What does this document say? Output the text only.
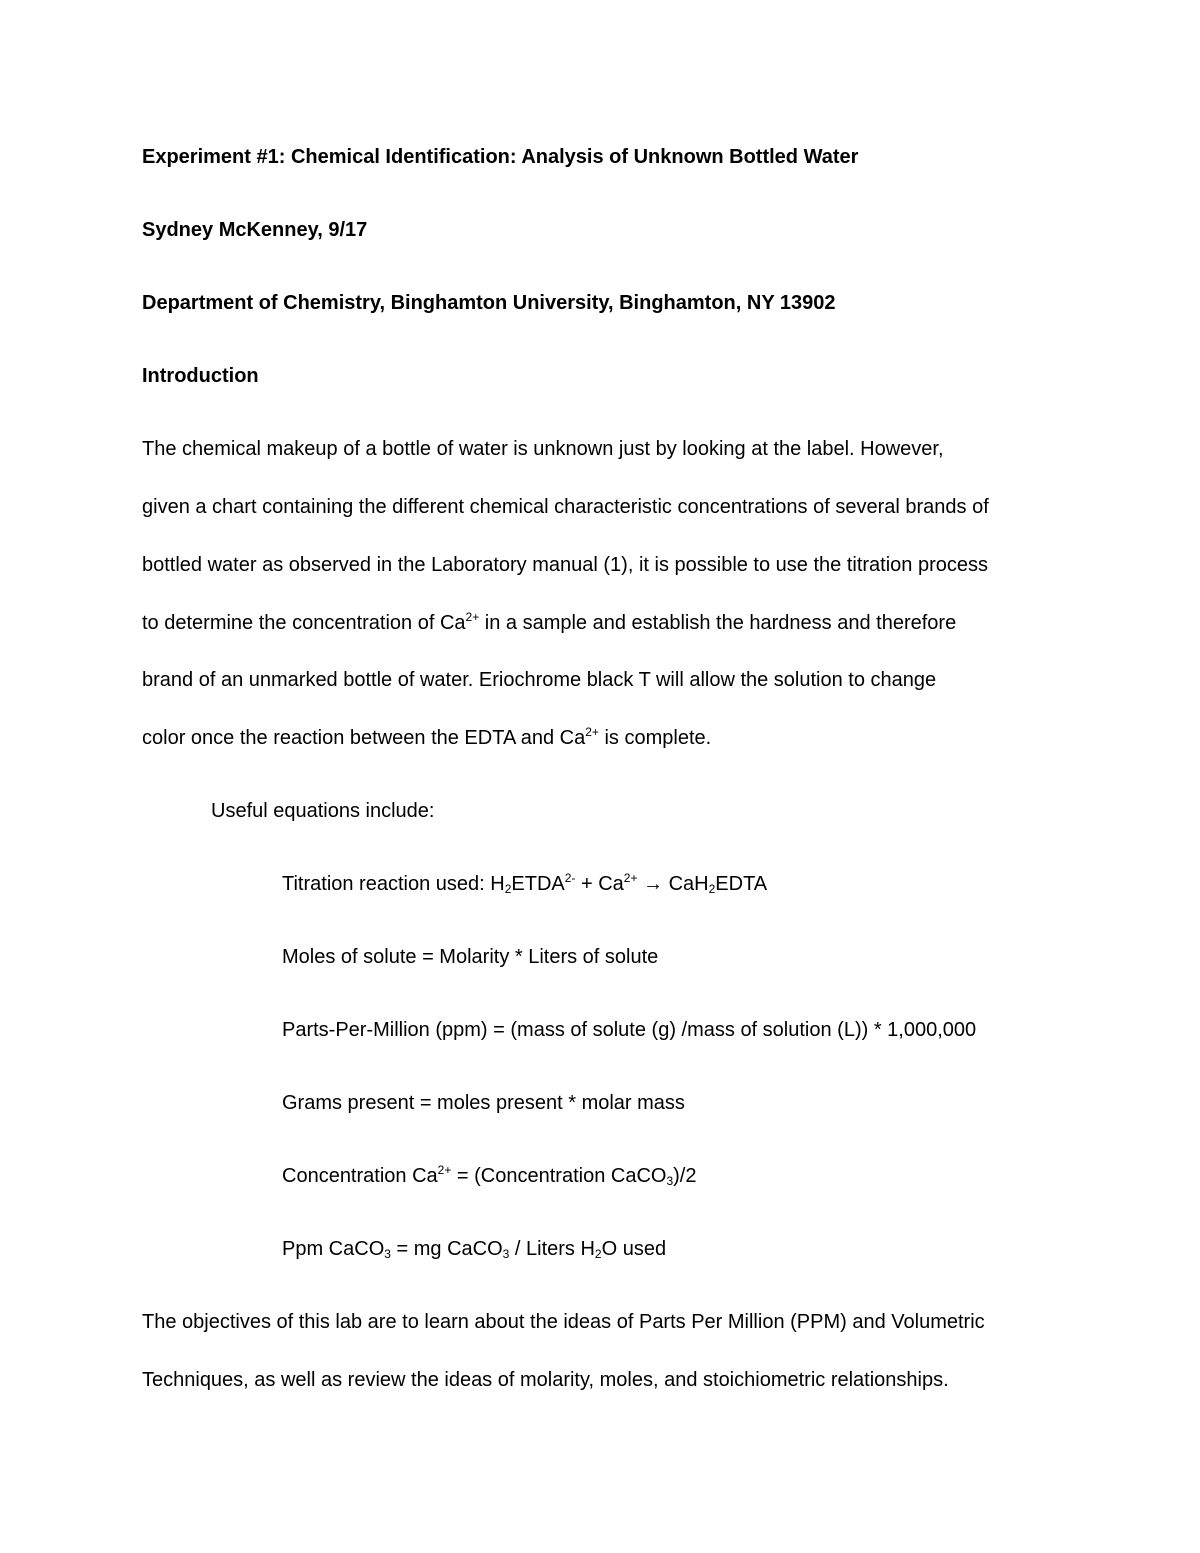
Experiment #1: Chemical Identification: Analysis of Unknown Bottled Water
Sydney McKenney, 9/17
Department of Chemistry, Binghamton University, Binghamton, NY 13902
Introduction
The chemical makeup of a bottle of water is unknown just by looking at the label. However,
given a chart containing the different chemical characteristic concentrations of several brands of
bottled water as observed in the Laboratory manual (1), it is possible to use the titration process
to determine the concentration of $Ca^{2+}$ in a sample and establish the hardness and therefore
brand of an unmarked bottle of water. Eriochrome black T will allow the solution to change
color once the reaction between the EDTA and $Ca^{2+}$ is complete.
Useful equations include:
Titration reaction used: $H_2ETDA^{2-} + Ca^{2+}$ → CaH$_2$EDTA
Moles of solute = Molarity * Liters of solute
Parts-Per-Million (ppm) = (mass of solute (g) /mass of solution (L)) * 1,000,000
Grams present = moles present * molar mass
Concentration $Ca^{2+}$ = (Concentration CaCO$_3$)/2
Ppm CaCO$_3$ = mg CaCO$_3$ / Liters $H_2O$ used
The objectives of this lab are to learn about the ideas of Parts Per Million (PPM) and Volumetric
Techniques, as well as review the ideas of molarity, moles, and stoichiometric relationships.
